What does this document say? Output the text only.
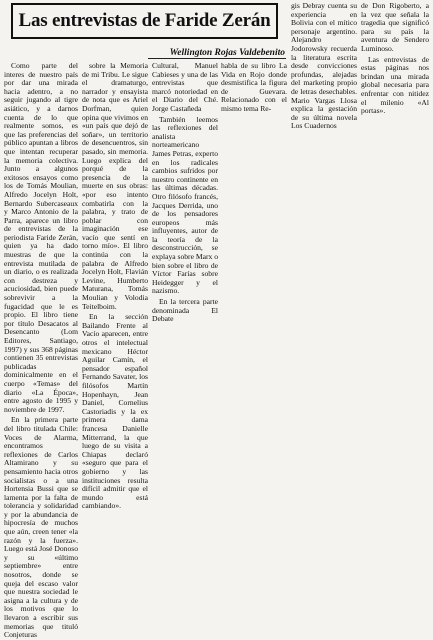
Las entrevistas de Faride Zerán
Wellington Rojas Valdebenito

Como parte del interes de nuestro país por dar una mirada hacia adentro, a no seguir jugando al tigre asiático, y a darnos cuenta de lo que realmente somos, es que las preferencias del público apuntan a libros que intentan recuperar la memoria colectiva. Junto a algunos exitosos ensayos como los de Tomás Moulian, Alfredo Jocelyn Holt, Bernardo Subercaseaux y Marco Antonio de la Parra, aparece un libro de entrevistas de la periodista Faride Zerán, quien ya ha dado muestras de que la entrevista mutilada de un diario, o es realizada con destreza y acuciosidad, bien puede sobrevivir a la fugacidad que le es propio. El libro tiene por título Desacatos al Desencanto (Lom Editores, Santiago, 1997) y sus 368 páginas contienen 35 entrevistas publicadas dominicalmente en el cuerpo «Temas» del diario «La Época», entre agosto de 1995 y noviembre de 1997.

En la primera parte del libro titulada Chile: Voces de Alarma, encontramos reflexiones de Carlos Altamirano y su pensamiento hacia otros socialistas o a una Hortensia Bussi que se lamenta por la falta de tolerancia y solidaridad y por la abundancia de hipocresía de muchos que aún, creen tener «la razón y la fuerza». Luego está José Donoso y su «último septiembre» entre nosotros, donde se queja del escaso valor que nuestra sociedad le asigna a la cultura y de los motivos que lo llevaron a escribir sus memorias que tituló Conjeturas

sobre la Memoria de mi Tribu. Le sigue el dramaturgo, narrador y ensayista de nota que es Ariel Dorfman, quien opina que vivimos en «un país que dejó de soñar», un territorio de desencuentros, sin pasado, sin memoria. Luego explica del porqué de la presencia de la muerte en sus obras: «por eso intento combatirla con la palabra, y trato de poblar con imaginación ese vacío que sentí en torno mío». El libro continúa con la palabra de Alfredo Jocelyn Holt, Flavián Levine, Humberto Maturana, Tomás Moulian y Volodia Teitelboim.

En la sección Bailando Frente al Vacío aparecen, entre otros el intelectual mexicano Héctor Aguilar Camín, el pensador español Fernando Savater, los filósofos Martín Hopenhayn, Jean Daniel, Cornelius Castoriadis y la ex primera dama francesa Danielle Mitterrand, la que luego de su visita a Chiapas declaró «seguro que para el gobierno y las instituciones resulta difícil admitir que el mundo está cambiando».

Cultural, Manuel Cabieses y una de las entrevistas que marcó notoriedad en el Diario del Ché. Jorge Castañeda

También leemos las reflexiones del analista norteamericano James Petras, experto en los radicales cambios sufridos por nuestro continente en las últimas décadas. Otro filósofo francés, Jacques Derrida, uno de los pensadores europeos más influyentes, autor de la teoría de la desconstrucción, se explaya sobre Marx o bien sobre el libro de Víctor Farías sobre Heidegger y el nazismo.

En la tercera parte denominada El Debate

habla de su libro La Vida en Rojo donde desmistifica la figura de Guevara. Relacionado con el mismo tema Re-

gis Debray cuenta su experiencia en Bolivia con el mítico personaje argentino. Alejandro Jodorowsky recuerda la literatura escrita desde convicciones profundas, alejadas del marketing propio de letras desechables. Mario Vargas Llosa explica la gestación de su última novela Los Cuadernos

de Don Rigoberto, a la vez que señala la tragedia que significó para su país la aventura de Sendero Luminoso.

Las entrevistas de estas páginas nos brindan una mirada global necesaria para enfrentar con nitidez el milenio «Al portas».
